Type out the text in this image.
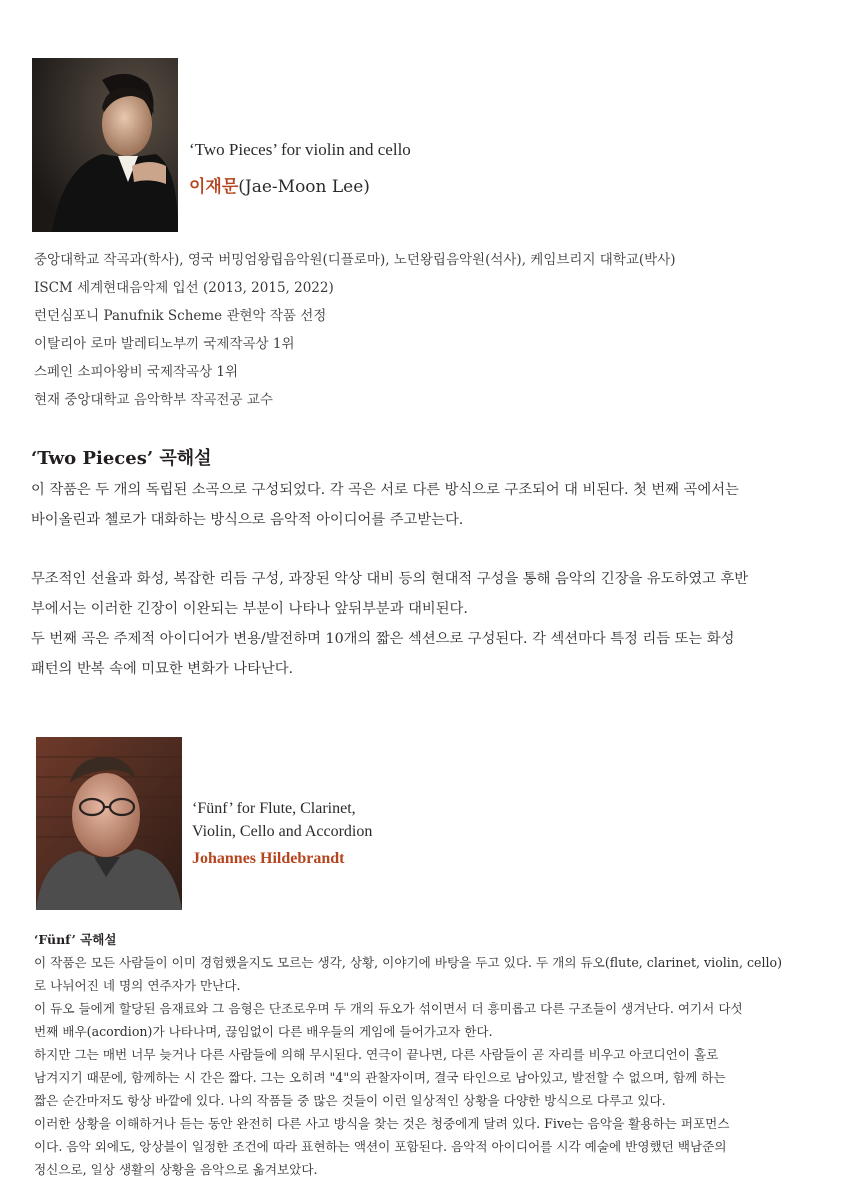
‘Two Pieces’ for violin and cello
이재문(Jae-Moon Lee)
중앙대학교 작곡과(학사), 영국 버밍엄왕립음악원(디플로마), 노던왕립음악원(석사), 케임브리지 대학교(박사)
ISCM 세계현대음악제 입선 (2013, 2015, 2022)
런던심포니 Panufnik Scheme 관현악 작품 선정
이탈리아 로마 발레티노부끼 국제작곡상 1위
스페인 소피아왕비 국제작곡상 1위
현재 중앙대학교 음악학부 작곡전공 교수
‘Two Pieces’ 곡해설
이 작품은 두 개의 독립된 소곡으로 구성되었다. 각 곡은 서로 다른 방식으로 구조되어 대 비된다. 첫 번째 곡에서는
바이올린과 첼로가 대화하는 방식으로 음악적 아이디어를 주고받는다.
무조적인 선율과 화성, 복잡한 리듬 구성, 과장된 악상 대비 등의 현대적 구성을 통해 음악의 긴장을 유도하였고 후반
부에서는 이러한 긴장이 이완되는 부분이 나타나 앞뒤부분과 대비된다.
두 번째 곡은 주제적 아이디어가 변용/발전하며 10개의 짧은 섹션으로 구성된다. 각 섹션마다 특정 리듬 또는 화성
패턴의 반복 속에 미묘한 변화가 나타난다.
‘Fünf’ for Flute, Clarinet,
Violin, Cello and Accordion
Johannes Hildebrandt
‘Fünf’ 곡해설
이 작품은 모든 사람들이 이미 경험했을지도 모르는 생각, 상황, 이야기에 바탕을 두고 있다. 두 개의 듀오(flute, clarinet, violin, cello)
로 나뉘어진 네 명의 연주자가 만난다.
이 듀오 들에게 할당된 음재료와 그 음형은 단조로우며 두 개의 듀오가 섞이면서 더 흥미롭고 다른 구조들이 생겨난다. 여기서 다섯
번째 배우(acordion)가 나타나며, 끊임없이 다른 배우들의 게임에 들어가고자 한다.
하지만 그는 매번 너무 늦거나 다른 사람들에 의해 무시된다. 연극이 끝나면, 다른 사람들이 곧 자리를 비우고 아코디언이 홀로
남겨지기 때문에, 함께하는 시 간은 짧다. 그는 오히려 "4"의 관찰자이며, 결국 타인으로 남아있고, 발전할 수 없으며, 함께 하는
짧은 순간마저도 항상 바깥에 있다. 나의 작품들 중 많은 것들이 이런 일상적인 상황을 다양한 방식으로 다루고 있다.
이러한 상황을 이해하거나 듣는 동안 완전히 다른 사고 방식을 찾는 것은 청중에게 달려 있다. Five는 음악을 활용하는 퍼포먼스
이다. 음악 외에도, 앙상블이 일정한 조건에 따라 표현하는 액션이 포함된다. 음악적 아이디어를 시각 예술에 반영했던 백남준의
정신으로, 일상 생활의 상황을 음악으로 옮겨보았다.
